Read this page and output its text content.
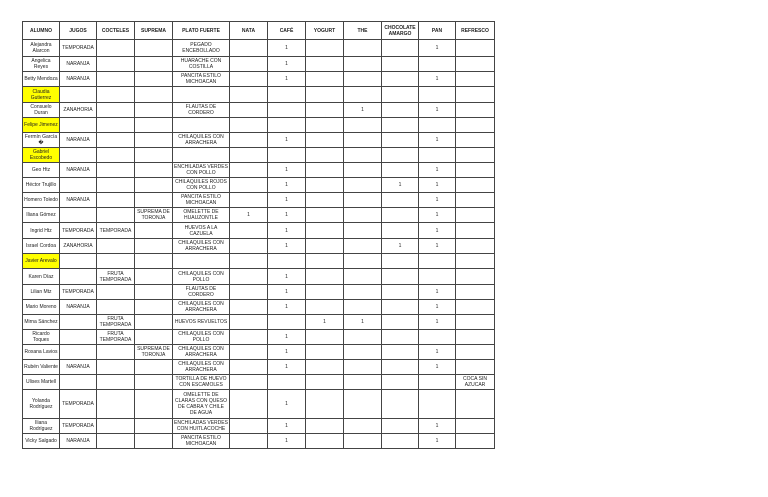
ALUMNO	JUGOS	COCTELES	SUPREMA	PLATO FUERTE	NATA	CAFÉ	YOGURT	THE	CHOCOLATE AMARGO	PAN	REFRESCO
Alejandra Alarcon	TEMPORADA			PEGADO ENCEBOLLADO		1				1	
Angelica Reyes	NARANJA			HUARACHE CON COSTILLA		1					
Betty Mendoza	NARANJA			PANCITA ESTILO MICHOACAN		1				1	
Claudia Gutierrez											
Consuelo Duran	ZANAHORIA			FLAUTAS DE CORDERO				1		1	
Felipe Jimenez											
Fermín García �	NARANJA			CHILAQUILES CON ARRACHERA		1				1	
Gabriel Escobedo											
Geo Htz	NARANJA			ENCHILADAS VERDES CON POLLO		1				1	
Héctor Trujillo				CHILAQUILES ROJOS CON POLLO		1			1	1	
Homero Toledo	NARANJA			PANCITA ESTILO MICHOACAN		1				1	
Iliana Gómez			SUPREMA DE TORONJA	OMELETTE DE HUAUZONTLE	1	1				1	
Ingrid Htz	TEMPORADA	TEMPORADA		HUEVOS A LA CAZUELA		1				1	
Israel Cordoa	ZANAHORIA			CHILAQUILES CON ARRACHERA		1			1	1	
Javier Arevalo											
Karen Díaz		FRUTA TEMPORADA		CHILAQUILES CON POLLO		1					
Lilian Mtz	TEMPORADA			FLAUTAS DE CORDERO		1				1	
Mario Moreno	NARANJA			CHILAQUILES CON ARRACHERA		1				1	
Mirna Sánchez		FRUTA TEMPORADA		HUEVOS REVUELTOS			1	1		1	
Ricardo Toques		FRUTA TEMPORADA		CHILAQUILES CON POLLO		1					
Roxana Lavios			SUPREMA DE TORONJA	CHILAQUILES CON ARRACHERA		1				1	
Rubén Valiente	NARANJA			CHILAQUILES CON ARRACHERA		1				1	
Ulises Martell				TORTILLA DE HUEVO CON ESCAMOLES							COCA SIN AZUCAR
Yolanda Rodríguez	TEMPORADA			OMELETTE DE CLARAS CON QUESO DE CABRA Y CHILE DE AGUA		1					
Iliana Rodríguez	TEMPORADA			ENCHILADAS VERDES CON HUITLACOCHE		1				1	
Vicky Salgado	NARANJA			PANCITA ESTILO MICHOACAN		1				1	
